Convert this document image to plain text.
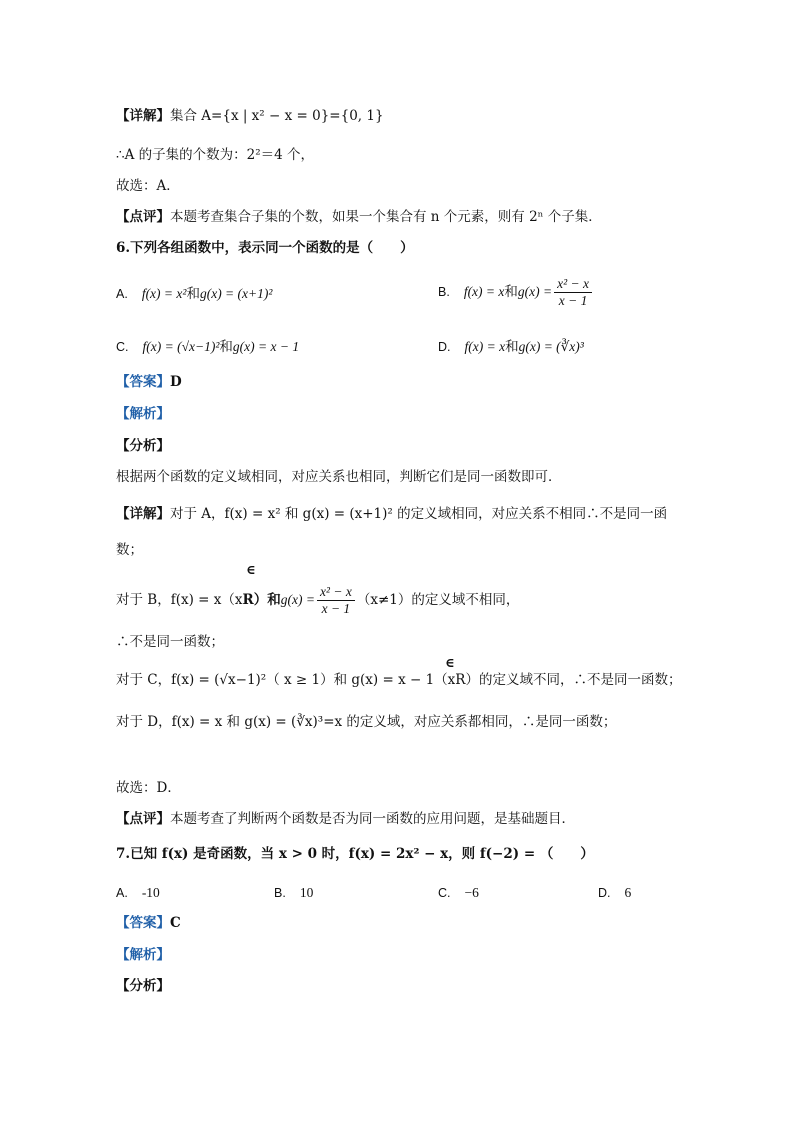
【详解】集合 A={x | x² − x = 0}={0, 1}
∴A 的子集的个数为：2²＝4 个，
故选：A．
【点评】本题考查集合子集的个数，如果一个集合有 n 个元素，则有 2ⁿ 个子集．
6.下列各组函数中，表示同一个函数的是（　　）
A. f(x) = x²和g(x) = (x+1)²	B. f(x) = x和$g(x) = \frac{\text{x² − x}}{x - 1}$
C. f(x) = (√x−1)²和g(x) = x − 1	D. f(x) = x和g(x) = (∛x)³
【答案】D
【解析】
【分析】
根据两个函数的定义域相同，对应关系也相同，判断它们是同一函数即可．
【详解】对于 A，f(x) = x² 和 g(x) = (x+1)² 的定义域相同，对应关系不相同∴不是同一函
数；
∈
对于 B，f(x) = x（xR）和$g(x) = \frac{\text{x² − x}}{x - 1} (x\ne 1)$的定义域不相同，
∴不是同一函数；
∈
对于 C，f(x) = (√x−1)²（ x ≥ 1）和 g(x) = x − 1（xR）的定义域不同，∴不是同一函数；
对于 D，f(x) = x 和 g(x) = (∛x)³=x 的定义域，对应关系都相同，∴是同一函数；
故选：D．
【点评】本题考查了判断两个函数是否为同一函数的应用问题，是基础题目．
7.已知 f(x) 是奇函数，当 x > 0 时，f(x) = 2x² − x，则 f(−2) = （　　）
A. -10	B. 10	C. −6	D. 6
【答案】C
【解析】
【分析】
